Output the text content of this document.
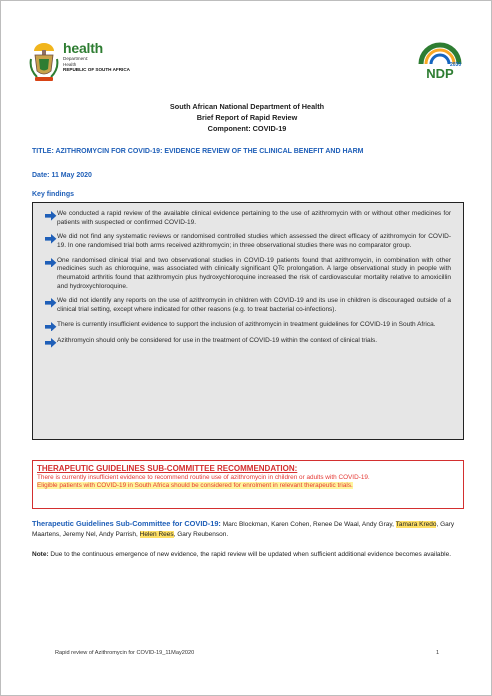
health
Department:
Health
REPUBLIC OF SOUTH AFRICA	NDP
2030
South African National Department of Health
Brief Report of Rapid Review
Component: COVID-19
TITLE: AZITHROMYCIN FOR COVID-19: EVIDENCE REVIEW OF THE CLINICAL BENEFIT AND HARM
Date: 11 May 2020
Key findings
We conducted a rapid review of the available clinical evidence pertaining to the use of azithromycin with or without other medicines for patients with suspected or confirmed COVID-19.
We did not find any systematic reviews or randomised controlled studies which assessed the direct efficacy of azithromycin for COVID-19. In one randomised trial both arms received azithromycin; in three observational studies there was no comparator group.
One randomised clinical trial and two observational studies in COVID-19 patients found that azithromycin, in combination with other medicines such as chloroquine, was associated with clinically significant QTc prolongation. A large observational study in people with rheumatoid arthritis found that azithromycin plus hydroxychloroquine increased the risk of cardiovascular mortality relative to amoxicillin and hydroxychloroquine.
We did not identify any reports on the use of azithromycin in children with COVID-19 and its use in children is discouraged outside of a clinical trial setting, except where indicated for other reasons (e.g. to treat bacterial co-infections).
There is currently insufficient evidence to support the inclusion of azithromycin in treatment guidelines for COVID-19 in South Africa.
Azithromycin should only be considered for use in the treatment of COVID-19 within the context of clinical trials.
THERAPEUTIC GUIDELINES SUB-COMMITTEE RECOMMENDATION:
There is currently insufficient evidence to recommend routine use of azithromycin in children or adults with COVID-19.
Eligible patients with COVID-19 in South Africa should be considered for enrolment in relevant therapeutic trials.
Therapeutic Guidelines Sub-Committee for COVID-19: Marc Blockman, Karen Cohen, Renee De Waal, Andy Gray, Tamara Kredo, Gary Maartens, Jeremy Nel, Andy Parrish, Helen Rees, Gary Reubenson.
Note: Due to the continuous emergence of new evidence, the rapid review will be updated when sufficient additional evidence becomes available.
Rapid review of Azithromycin for COVID-19_11May2020	1
